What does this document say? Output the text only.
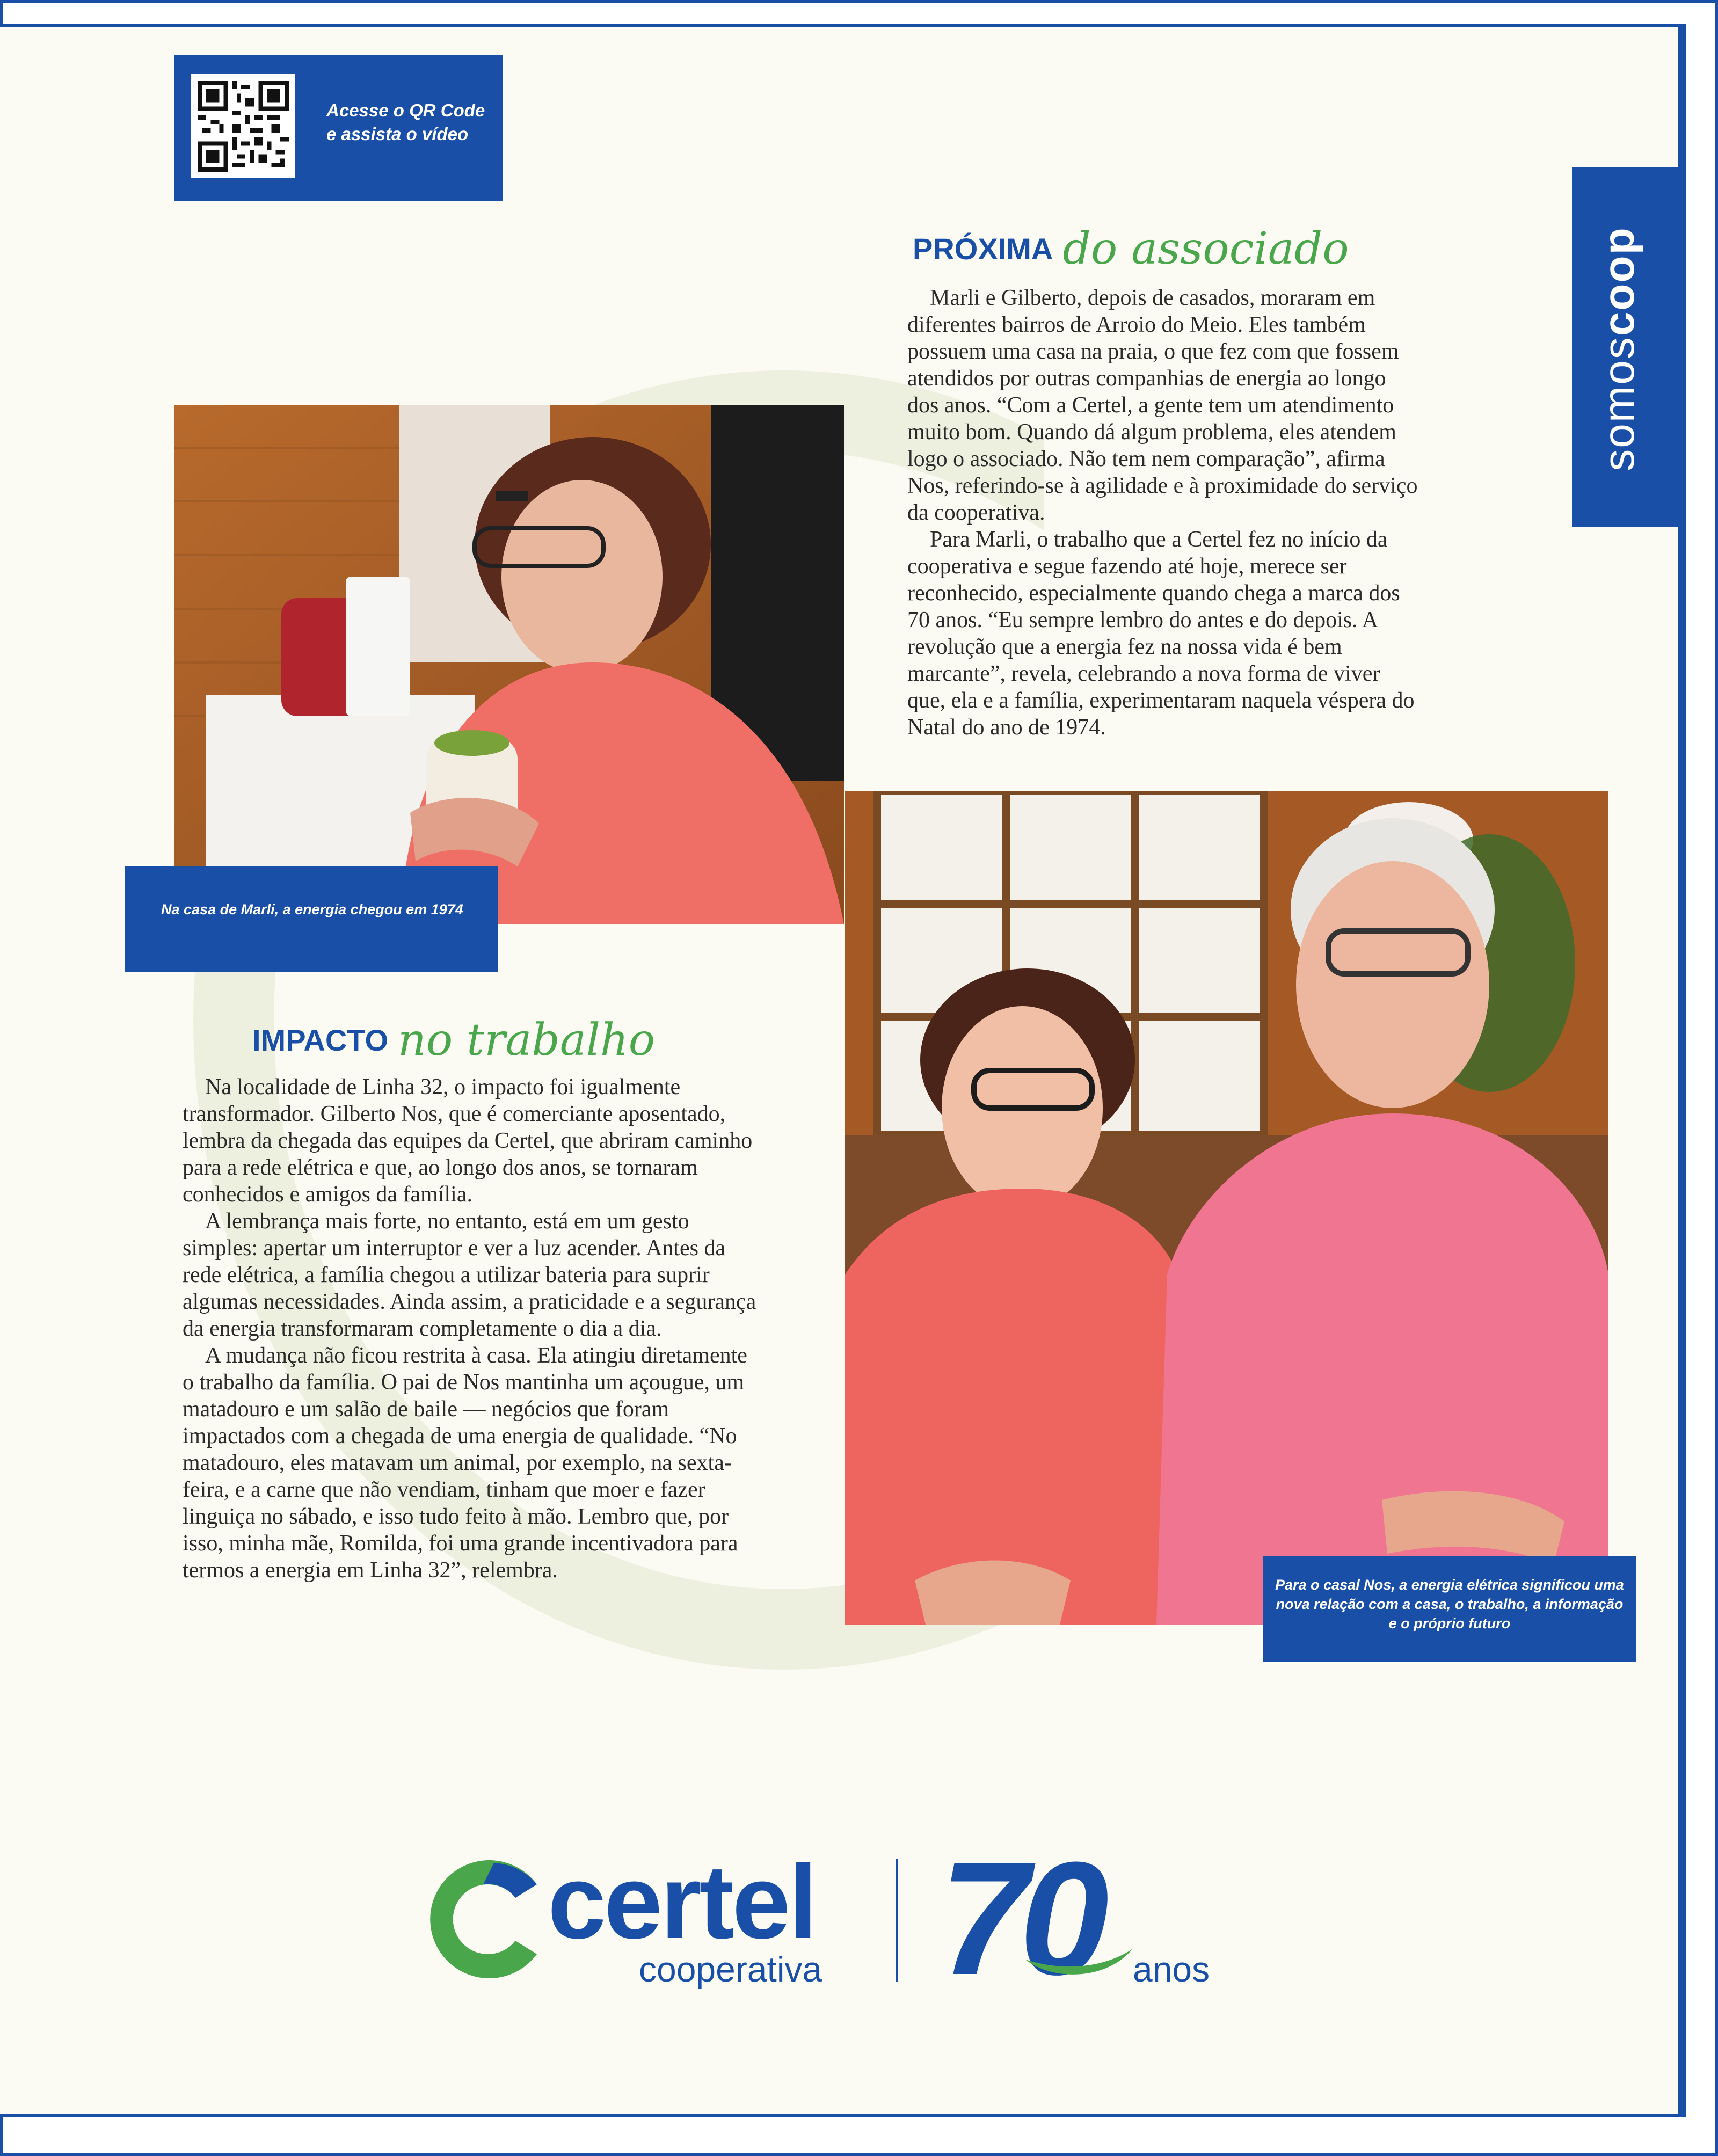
Acesse o QR Code e assista o vídeo
somoscoop
PRÓXIMA do associado

Marli e Gilberto, depois de casados, moraram em diferentes bairros de Arroio do Meio. Eles também possuem uma casa na praia, o que fez com que fossem atendidos por outras companhias de energia ao longo dos anos. “Com a Certel, a gente tem um atendimento muito bom. Quando dá algum problema, eles atendem logo o associado. Não tem nem comparação”, afirma Nos, referindo-se à agilidade e à proximidade do serviço da cooperativa.

Para Marli, o trabalho que a Certel fez no início da cooperativa e segue fazendo até hoje, merece ser reconhecido, especialmente quando chega a marca dos 70 anos. “Eu sempre lembro do antes e do depois. A revolução que a energia fez na nossa vida é bem marcante”, revela, celebrando a nova forma de viver que, ela e a família, experimentaram naquela véspera do Natal do ano de 1974.

Na casa de Marli, a energia chegou em 1974
Para o casal Nos, a energia elétrica significou uma nova relação com a casa, o trabalho, a informação e o próprio futuro
IMPACTO no trabalho

Na localidade de Linha 32, o impacto foi igualmente transformador. Gilberto Nos, que é comerciante aposentado, lembra da chegada das equipes da Certel, que abriram caminho para a rede elétrica e que, ao longo dos anos, se tornaram conhecidos e amigos da família.

A lembrança mais forte, no entanto, está em um gesto simples: apertar um interruptor e ver a luz acender. Antes da rede elétrica, a família chegou a utilizar bateria para suprir algumas necessidades. Ainda assim, a praticidade e a segurança da energia transformaram completamente o dia a dia.

A mudança não ficou restrita à casa. Ela atingiu diretamente o trabalho da família. O pai de Nos mantinha um açougue, um matadouro e um salão de baile — negócios que foram impactados com a chegada de uma energia de qualidade. “No matadouro, eles matavam um animal, por exemplo, na sexta-feira, e a carne que não vendiam, tinham que moer e fazer linguiça no sábado, e isso tudo feito à mão. Lembro que, por isso, minha mãe, Romilda, foi uma grande incentivadora para termos a energia em Linha 32”, relembra.

certel
cooperativa 70 anos
